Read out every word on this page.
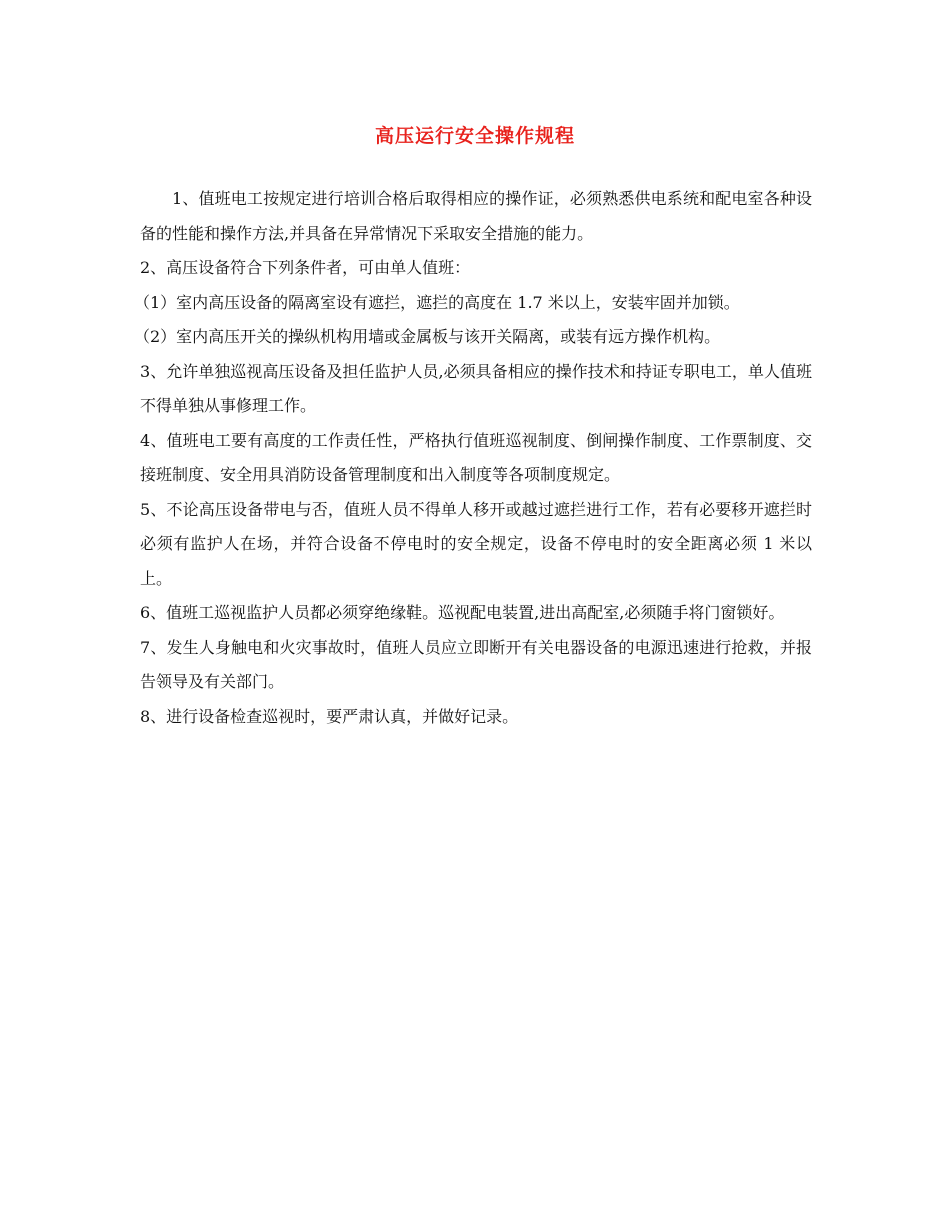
高压运行安全操作规程

1、值班电工按规定进行培训合格后取得相应的操作证，必须熟悉供电系统和配电室各种设备的性能和操作方法,并具备在异常情况下采取安全措施的能力。

2、高压设备符合下列条件者，可由单人值班：

（1）室内高压设备的隔离室设有遮拦，遮拦的高度在 1.7 米以上，安装牢固并加锁。

（2）室内高压开关的操纵机构用墙或金属板与该开关隔离，或装有远方操作机构。

3、允许单独巡视高压设备及担任监护人员,必须具备相应的操作技术和持证专职电工，单人值班不得单独从事修理工作。

4、值班电工要有高度的工作责任性，严格执行值班巡视制度、倒闸操作制度、工作票制度、交接班制度、安全用具消防设备管理制度和出入制度等各项制度规定。

5、不论高压设备带电与否，值班人员不得单人移开或越过遮拦进行工作，若有必要移开遮拦时必须有监护人在场，并符合设备不停电时的安全规定，设备不停电时的安全距离必须 1 米以上。

6、值班工巡视监护人员都必须穿绝缘鞋。巡视配电装置,进出高配室,必须随手将门窗锁好。

7、发生人身触电和火灾事故时，值班人员应立即断开有关电器设备的电源迅速进行抢救，并报告领导及有关部门。

8、进行设备检查巡视时，要严肃认真，并做好记录。
